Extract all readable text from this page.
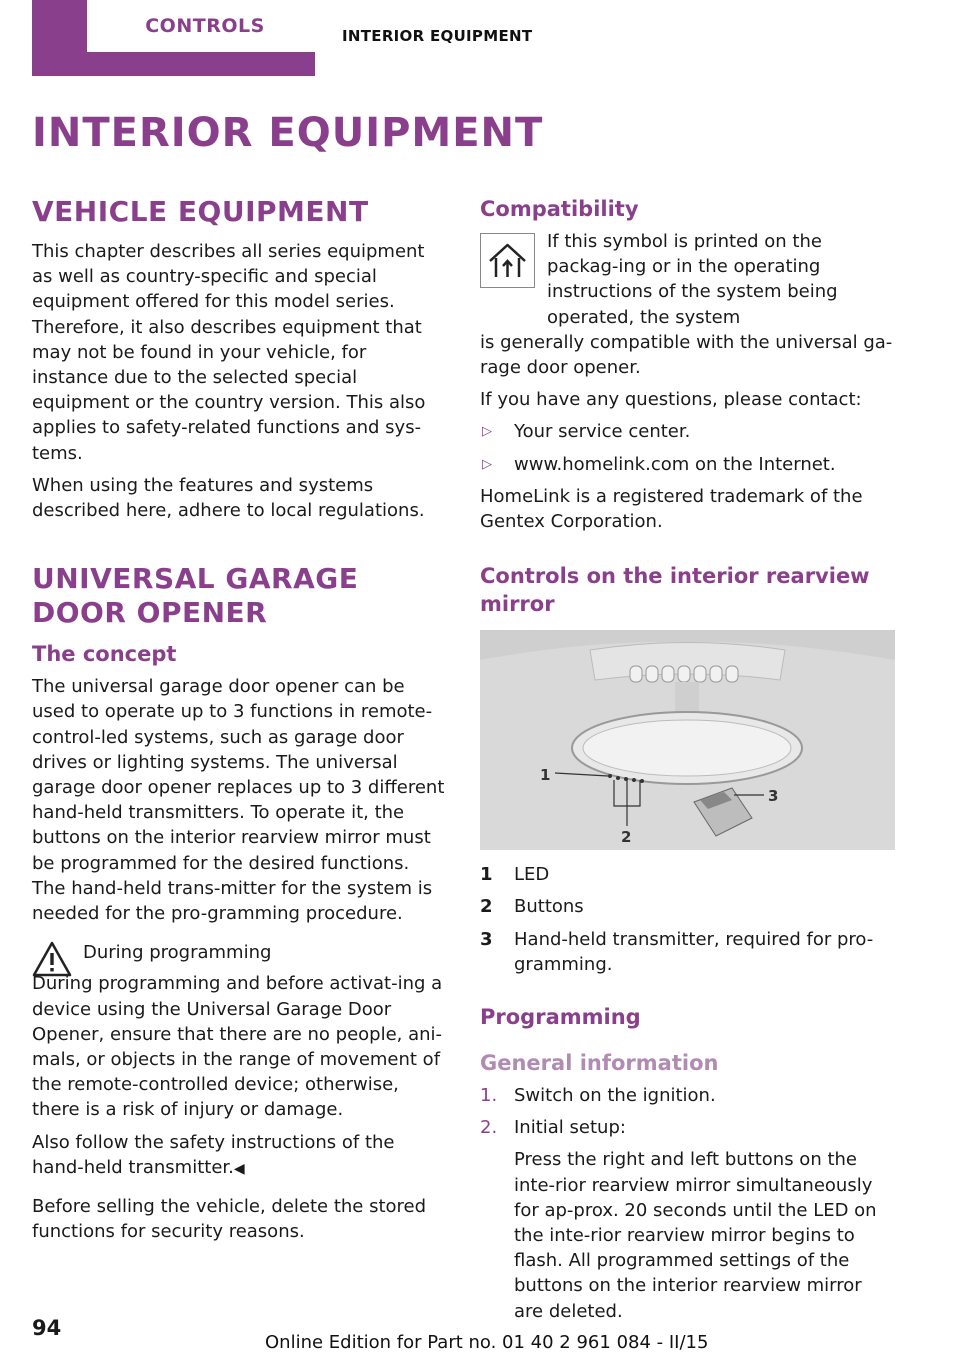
CONTROLS	INTERIOR EQUIPMENT
INTERIOR EQUIPMENT
VEHICLE EQUIPMENT

This chapter describes all series equipment as well as country-specific and special equipment offered for this model series. Therefore, it also describes equipment that may not be found in your vehicle, for instance due to the selected special equipment or the country version. This also applies to safety-related functions and sys-tems.

When using the features and systems described here, adhere to local regulations.

UNIVERSAL GARAGE DOOR OPENER
The concept

The universal garage door opener can be used to operate up to 3 functions in remote-control-led systems, such as garage door drives or lighting systems. The universal garage door opener replaces up to 3 different hand-held transmitters. To operate it, the buttons on the interior rearview mirror must be programmed for the desired functions. The hand-held trans-mitter for the system is needed for the pro-gramming procedure.

During programming

During programming and before activat-ing a device using the Universal Garage Door Opener, ensure that there are no people, ani-mals, or objects in the range of movement of the remote-controlled device; otherwise, there is a risk of injury or damage.

Also follow the safety instructions of the hand-held transmitter.◀

Before selling the vehicle, delete the stored functions for security reasons.

Compatibility

If this symbol is printed on the packag-ing or in the operating instructions of the system being operated, the system

is generally compatible with the universal ga-rage door opener.

If you have any questions, please contact:

▷ Your service center.
▷ www.homelink.com on the Internet.

HomeLink is a registered trademark of the Gentex Corporation.

Controls on the interior rearview mirror
1
2
3
1	LED
2	Buttons
3	Hand-held transmitter, required for pro-gramming.
Programming
General information
1. Switch on the ignition.
2. Initial setup:
Press the right and left buttons on the inte-rior rearview mirror simultaneously for ap-prox. 20 seconds until the LED on the inte-rior rearview mirror begins to flash. All programmed settings of the buttons on the interior rearview mirror are deleted.
94
Online Edition for Part no. 01 40 2 961 084 - II/15
